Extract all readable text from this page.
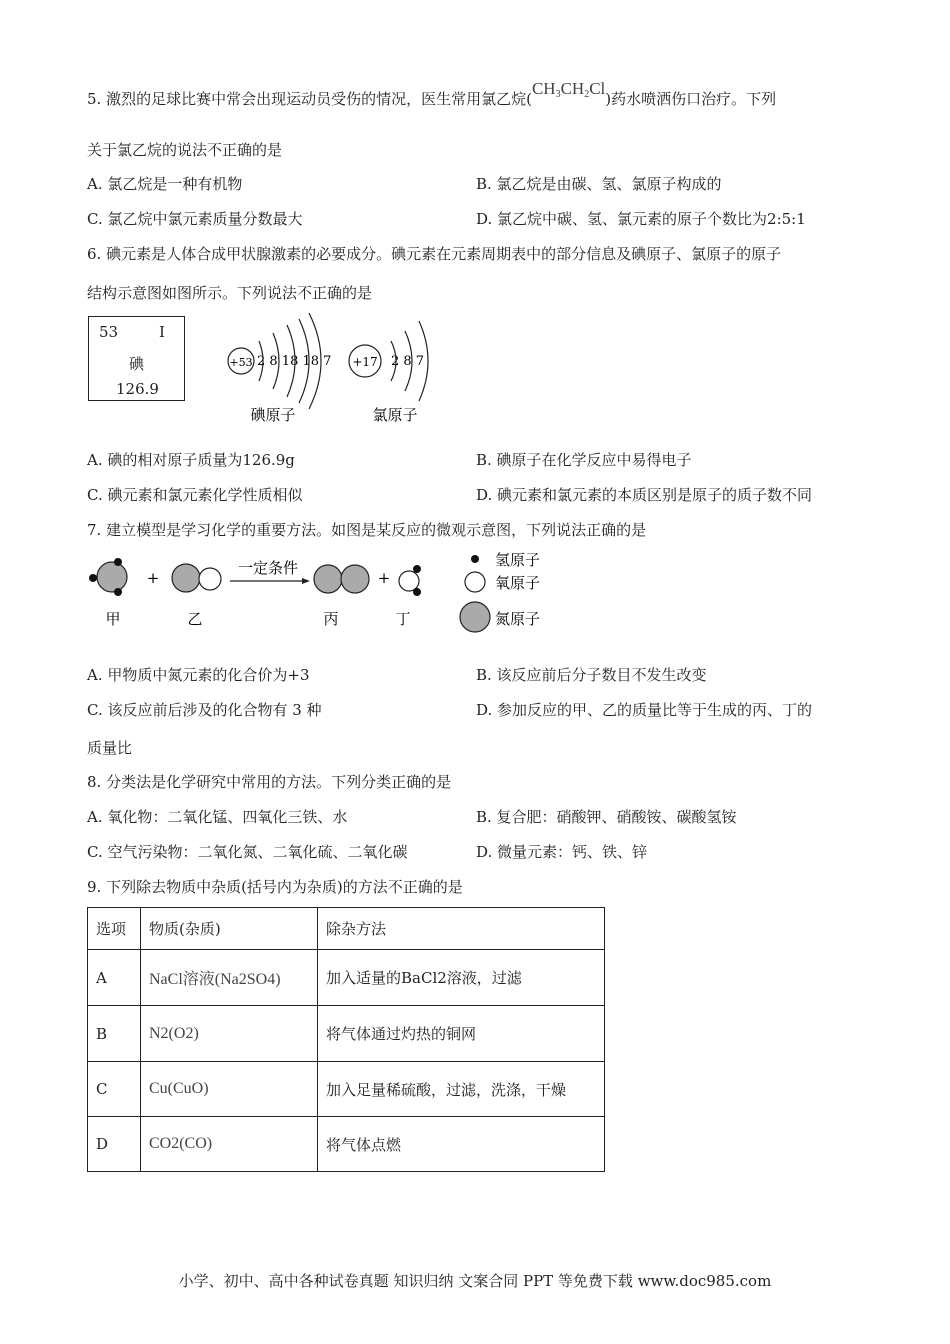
5. 激烈的足球比赛中常会出现运动员受伤的情况，医生常用氯乙烷$(CH_3CH_2Cl)$药水喷洒伤口治疗。下列
关于氯乙烷的说法不正确的是
A. 氯乙烷是一种有机物	B. 氯乙烷是由碳、氢、氯原子构成的
C. 氯乙烷中氯元素质量分数最大	D. 氯乙烷中碳、氢、氯元素的原子个数比为2:5:1
6. 碘元素是人体合成甲状腺激素的必要成分。碘元素在元素周期表中的部分信息及碘原子、氯原子的原子
结构示意图如图所示。下列说法不正确的是
53	I
碘
126.9
+53 2 8 18 18 7
碘原子
+17 2 8 7
氯原子
A. 碘的相对原子质量为126.9g	B. 碘原子在化学反应中易得电子
C. 碘元素和氯元素化学性质相似	D. 碘元素和氯元素的本质区别是原子的质子数不同
7. 建立模型是学习化学的重要方法。如图是某反应的微观示意图，下列说法正确的是
甲
+
乙
一定条件
丙
+
丁
氢原子
氧原子
氮原子
A. 甲物质中氮元素的化合价为+3	B. 该反应前后分子数目不发生改变
C. 该反应前后涉及的化合物有 3 种	D. 参加反应的甲、乙的质量比等于生成的丙、丁的
质量比
8. 分类法是化学研究中常用的方法。下列分类正确的是
A. 氧化物：二氧化锰、四氧化三铁、水	B. 复合肥：硝酸钾、硝酸铵、碳酸氢铵
C. 空气污染物：二氧化氮、二氧化硫、二氧化碳	D. 微量元素：钙、铁、锌
9. 下列除去物质中杂质(括号内为杂质)的方法不正确的是
选项	物质(杂质)	除杂方法
A	NaCl溶液(Na2SO4)	加入适量的BaCl2溶液，过滤
B	N2(O2)	将气体通过灼热的铜网
C	Cu(CuO)	加入足量稀硫酸，过滤，洗涤，干燥
D	CO2(CO)	将气体点燃
小学、初中、高中各种试卷真题 知识归纳 文案合同 PPT 等免费下载 www.doc985.com
